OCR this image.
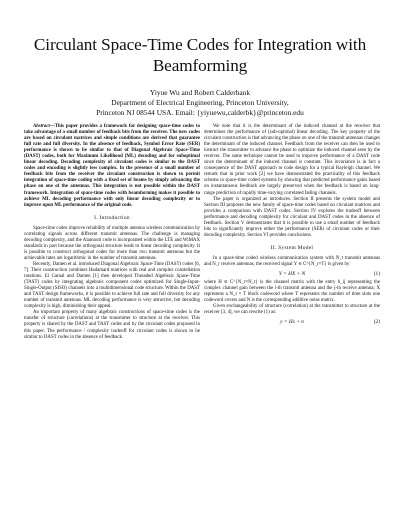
Circulant Space-Time Codes for Integration with Beamforming
Yiyue Wu and Robert Calderbank
Department of Electrical Engineering, Princeton University,
Princeton NJ 08544 USA. Email: {yiyuewu,calderbk}@princeton.edu

Abstract—This paper provides a framework for designing space-time codes to take advantage of a small number of feedback bits from the receiver. The new codes are based on circulant matrices and simple conditions are derived that guarantee full rate and full diversity. In the absence of feedback, Symbol Error Rate (SER) performance is shown to be similar to that of Diagonal Algebraic Space-Time (DAST) codes, both for Maximum Likelihood (ML) decoding and for suboptimal linear decoding. Decoding complexity of circulant codes is similar to the DAST codes and encoding is slightly less complex. In the presence of a small number of feedback bits from the receiver the circulant construction is shown to permit integration of space-time coding with a fixed set of beams by simply advancing the phase on one of the antennas. This integration is not possible within the DAST framework. Integration of space-time codes with beamforming makes it possible to achieve ML decoding performance with only linear decoding complexity or to improve upon ML performance of the original code.

I. Introduction

Space-time codes improve reliability of multiple antenna wireless communication by correlating signals across different transmit antennas. The challenge is managing decoding complexity, and the Alamouti code is incorporated within the LTE and WiMAX standards in part because the orthogonal structure leads to linear decoding complexity. It is possible to construct orthogonal codes for more than two transmit antennas but the achievable rates are logarithmic in the number of transmit antennas.

Recently, Damen et al. introduced Diagonal Algebraic Space-Time (DAST) codes [6, 7]. Their construction combines Hadamard matrices with real and complex constellation rotations. El Gamal and Damen [1] then developed Threaded Algebraic Space-Time (TAST) codes by integrating algebraic component codes optimized for Single-Input-Single-Output (SISO) channels into a multidimensional code structure. Within the DAST and TAST design frameworks, it is possible to achieve full rate and full diversity for any number of transmit antennas. ML decoding performance is very attractive, but decoding complexity is high, diminishing their appeal.

An important property of many algebraic constructions of space-time codes is the transfer of structure (correlations) at the transmitter to structure at the receiver. This property is shared by the DAST and TAST codes and by the circulant codes proposed in this paper. The performance / complexity tradeoff for circulant codes is shown to be similar to DAST codes in the absence of feedback.

We note that it is the determinant of the induced channel at the receiver that determines the performance of (sub-optimal) linear decoding. The key property of the circulant construction is that advancing the phase on one of the transmit antennas changes the determinant of the induced channel. Feedback from the receiver can then be used to instruct the transmitter to advance the phase to optimize the induced channel seen by the receiver. The same technique cannot be used to improve performance of a DAST code since the determinant of the induced channel is constant. This invariance is in fact a consequence of the DAST approach to code design for a typical Rayleigh channel. We remark that in prior work [2] we have demonstrated the practicality of this feedback scheme in space-time coded systems by showing that predicted performance gains based on instantaneous feedback are largely preserved when the feedback is based on long-range prediction of rapidly time-varying correlated fading channels.

The paper is organized as introduces. Section II presents the system model and Section III proposes the new family of space-time codes based on circulant matrices and provides a comparison with DAST codes. Section IV explores the tradeoff between performance and decoding complexity for circulant and DAST codes in the absence of feedback. Section V demonstrates that it is possible to use a small number of feedback bits to significantly improve either the performance (SER) of circulant codes or their decoding complexity. Section VI provides conclusions.

II. System Model

In a space-time coded wireless communication system with N_t transmit antennas and N_r receive antennas, the received signal Y ∈ C^{N_r×T} is given by

Y = HX + N	(1)

where H ∈ C^{N_r×N_t} is the channel matrix with the entry h_ij representing the complex channel gain between the i-th transmit antenna and the j-th receive antenna; X represents a N_t × T block codeword where T represents the number of time slots one codeword covers and N is the corresponding additive noise matrix.

Given exchangeability of structure (correlation) at the transmitter to structure at the receiver [3, 4], we can rewrite (1) as:

y = Hs + n	(2)
